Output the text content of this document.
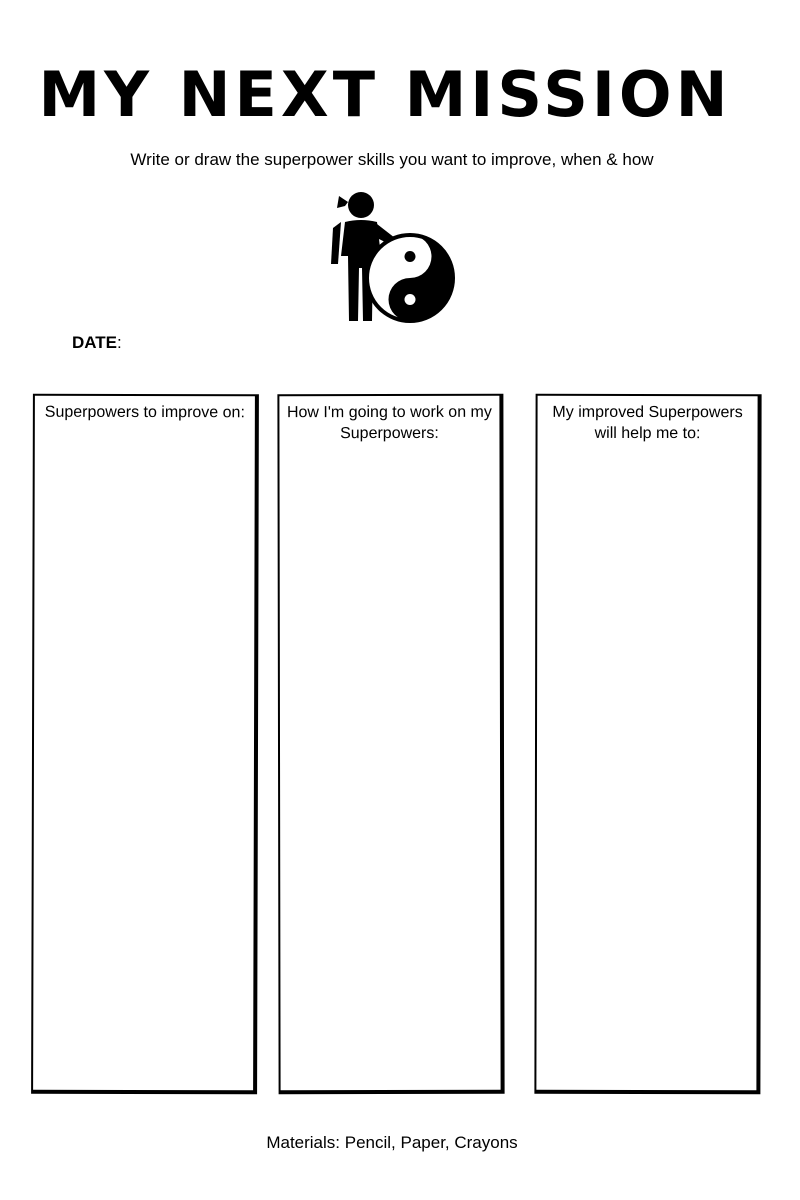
MY NEXT MISSION

Write or draw the superpower skills you want to improve, when & how

DATE:
Superpowers to improve on:	How I'm going to work on my Superpowers:
My improved Superpowers will help me to:

Materials: Pencil, Paper, Crayons
